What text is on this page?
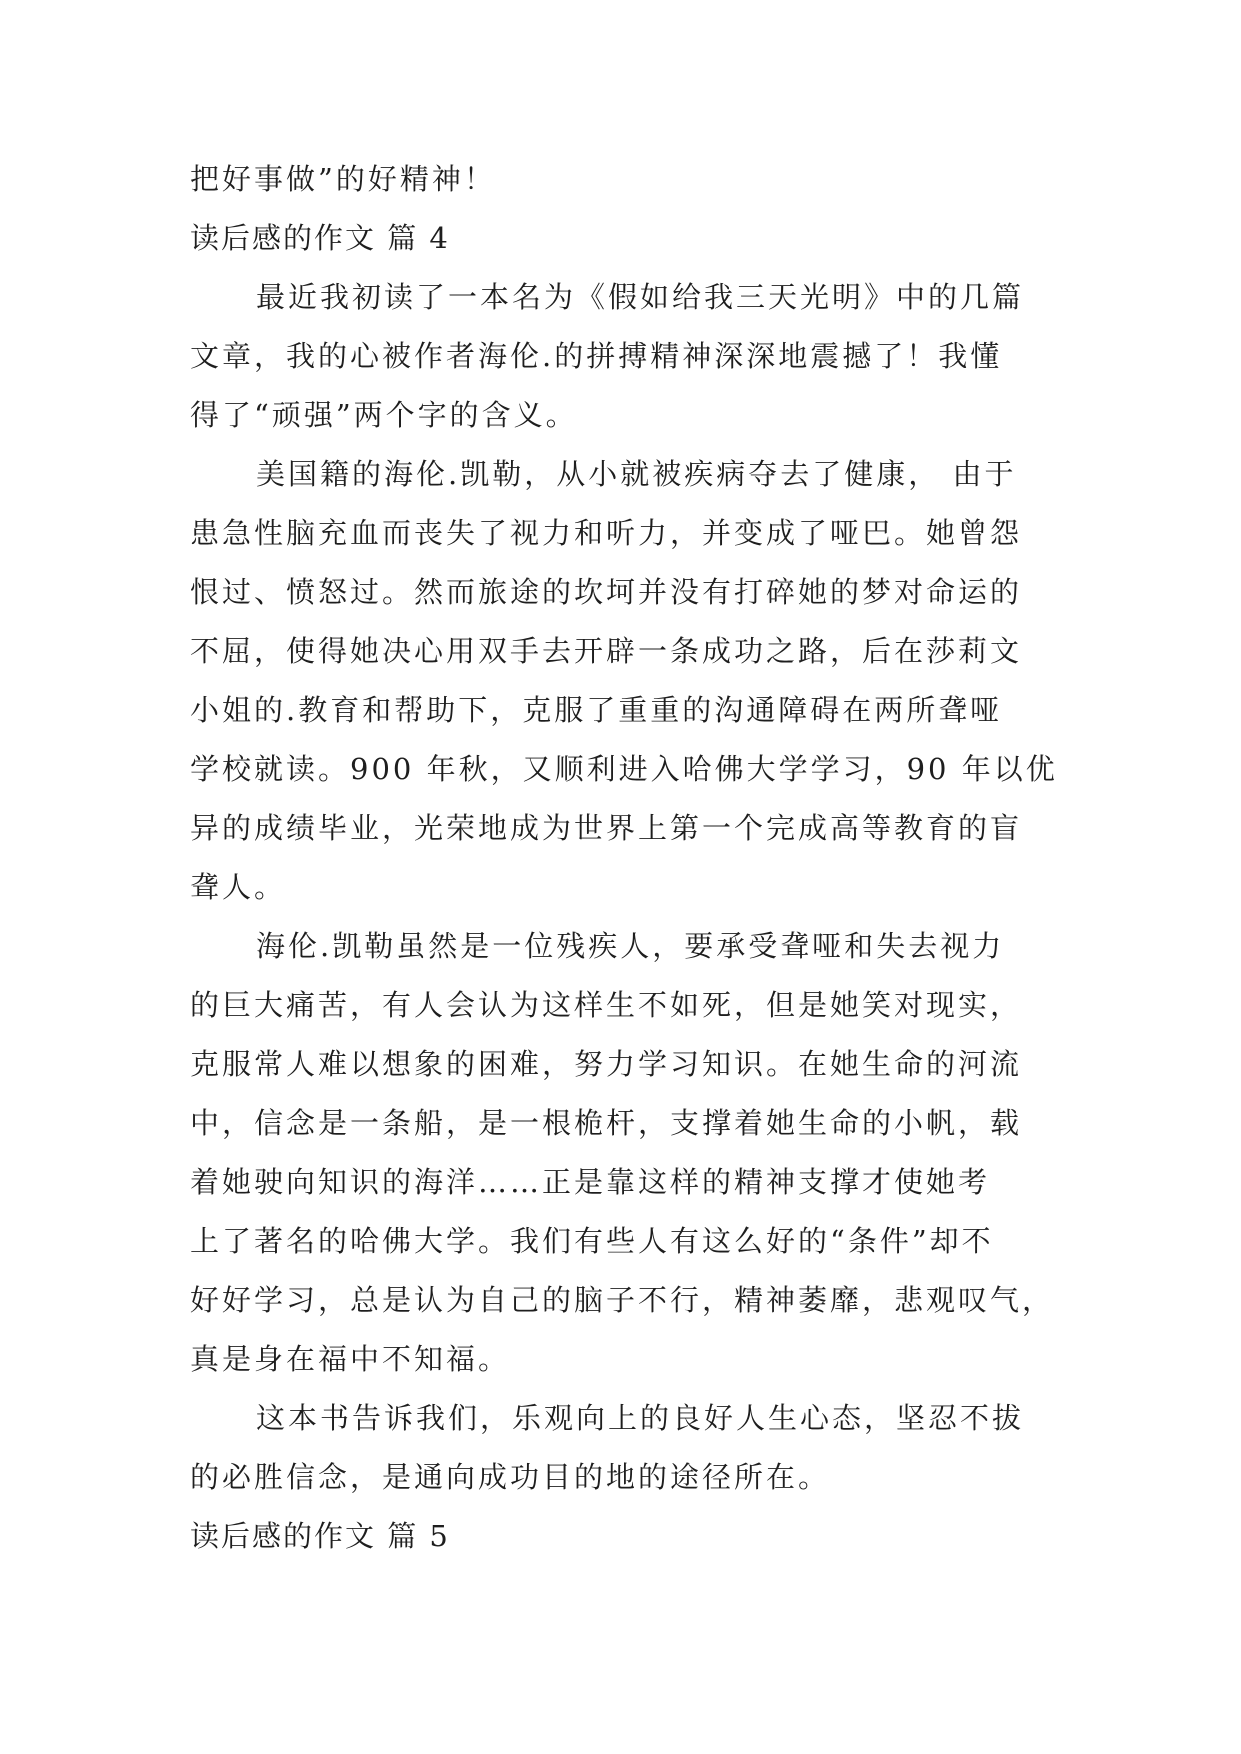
把好事做”的好精神！
读后感的作文 篇 4
最近我初读了一本名为《假如给我三天光明》中的几篇
文章，我的心被作者海伦.的拼搏精神深深地震撼了！我懂
得了“顽强”两个字的含义。
美国籍的海伦.凯勒，从小就被疾病夺去了健康， 由于
患急性脑充血而丧失了视力和听力，并变成了哑巴。她曾怨
恨过、愤怒过。然而旅途的坎坷并没有打碎她的梦对命运的
不屈，使得她决心用双手去开辟一条成功之路，后在莎莉文
小姐的.教育和帮助下，克服了重重的沟通障碍在两所聋哑
学校就读。900 年秋，又顺利进入哈佛大学学习，90 年以优
异的成绩毕业，光荣地成为世界上第一个完成高等教育的盲
聋人。
海伦.凯勒虽然是一位残疾人，要承受聋哑和失去视力
的巨大痛苦，有人会认为这样生不如死，但是她笑对现实，
克服常人难以想象的困难，努力学习知识。在她生命的河流
中，信念是一条船，是一根桅杆，支撑着她生命的小帆，载
着她驶向知识的海洋……正是靠这样的精神支撑才使她考
上了著名的哈佛大学。我们有些人有这么好的“条件”却不
好好学习，总是认为自己的脑子不行，精神萎靡，悲观叹气，
真是身在福中不知福。
这本书告诉我们，乐观向上的良好人生心态，坚忍不拔
的必胜信念，是通向成功目的地的途径所在。
读后感的作文 篇 5
